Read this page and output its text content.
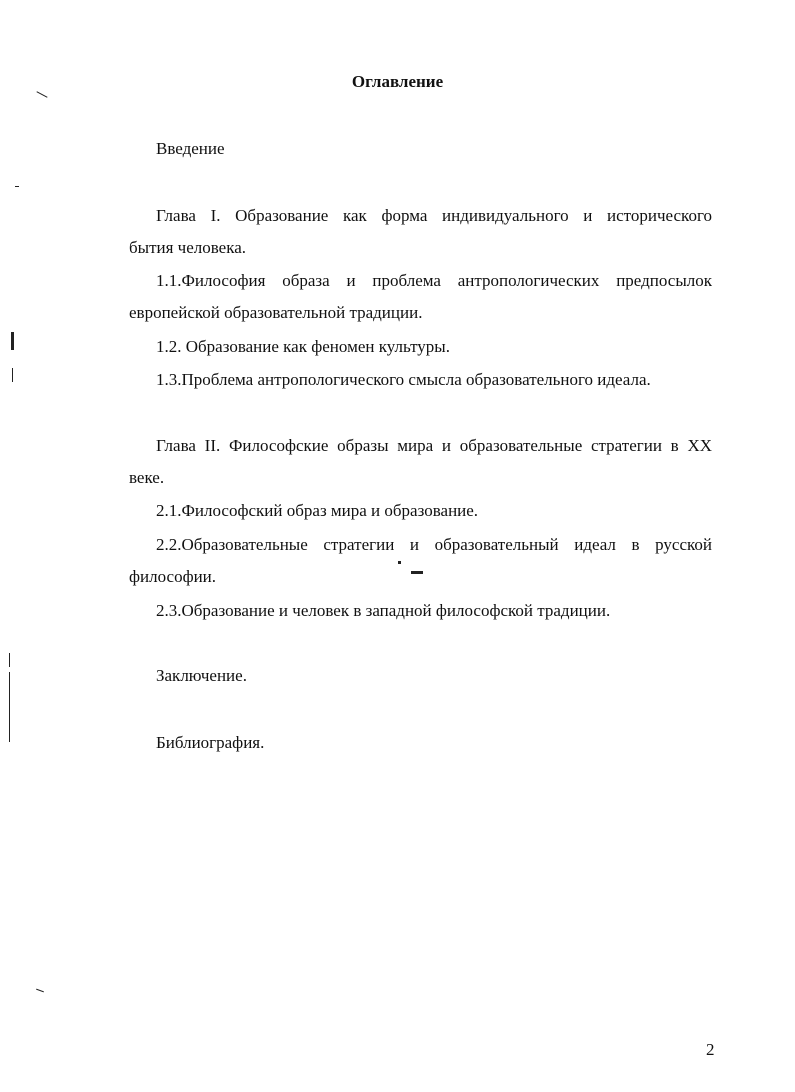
Оглавление
Введение
Глава I. Образование как форма индивидуального и исторического
бытия человека.
1.1.Философия образа и проблема антропологических предпосылок
европейской образовательной традиции.
1.2. Образование как феномен культуры.
1.3.Проблема антропологического смысла образовательного идеала.
Глава II. Философские образы мира и образовательные стратегии в XX
веке.
2.1.Философский образ мира и образование.
2.2.Образовательные стратегии и образовательный идеал в русской
философии.
2.3.Образование и человек в западной философской традиции.
Заключение.
Библиография.
2
